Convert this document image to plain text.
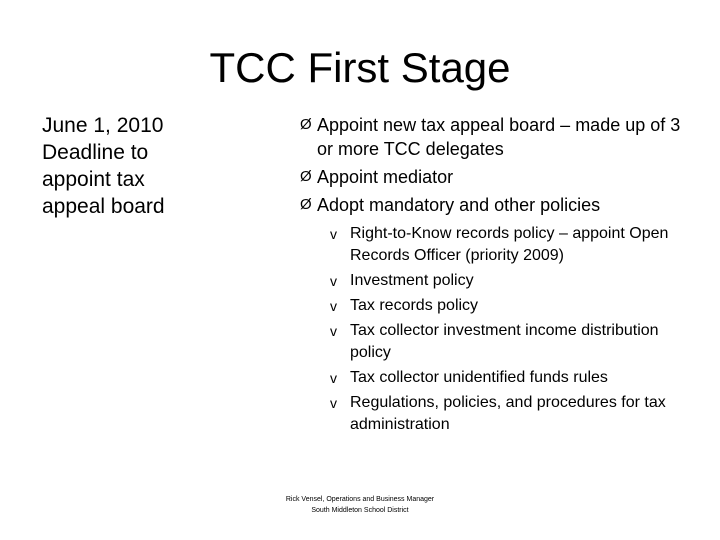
TCC First Stage
June 1, 2010
Deadline to
appoint tax
appeal board
Ø Appoint new tax appeal board – made up of 3 or more TCC delegates
Ø Appoint mediator
Ø Adopt mandatory and other policies
v Right-to-Know records policy – appoint Open Records Officer (priority 2009)
v Investment policy
v Tax records policy
v Tax collector investment income distribution policy
v Tax collector unidentified funds rules
v Regulations, policies, and procedures for tax administration
Rick Vensel, Operations and Business Manager
South Middleton School District
